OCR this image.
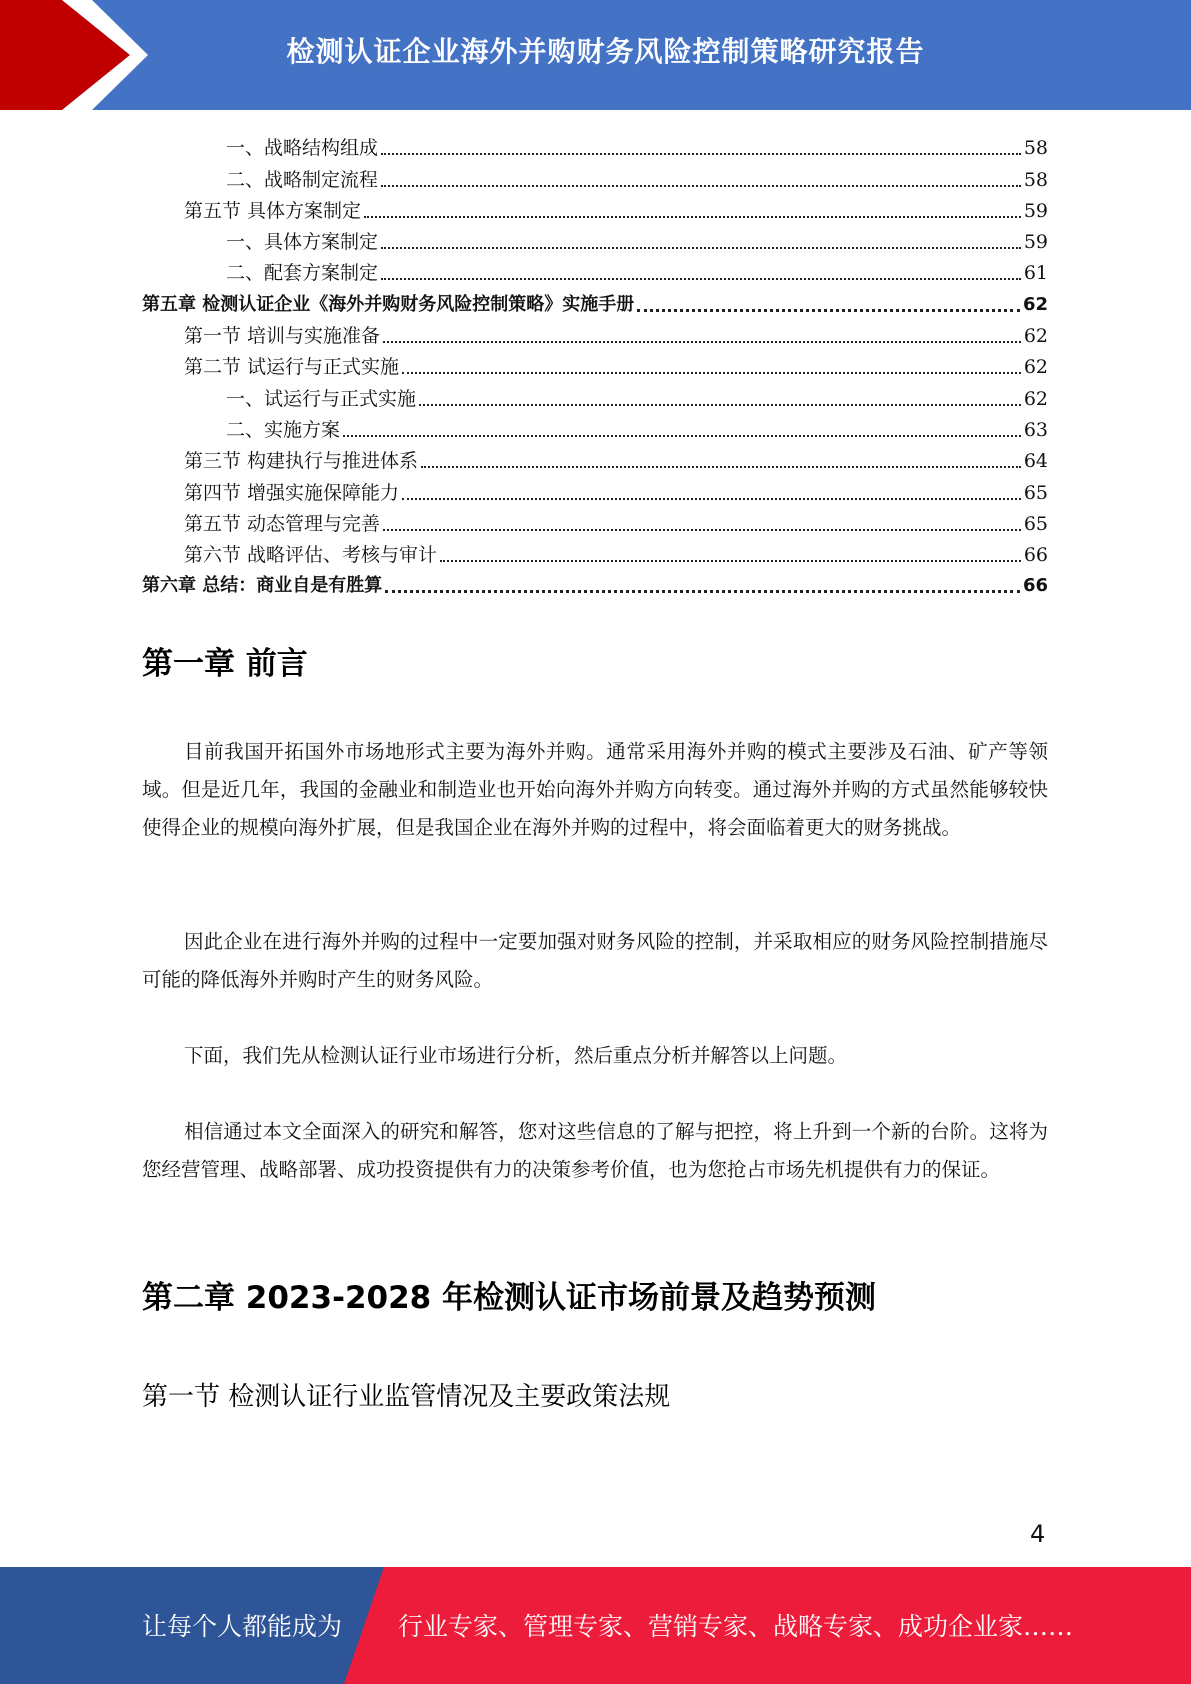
检测认证企业海外并购财务风险控制策略研究报告
一、战略结构组成	58
二、战略制定流程	58
第五节 具体方案制定	59
一、具体方案制定	59
二、配套方案制定	61
第五章 检测认证企业《海外并购财务风险控制策略》实施手册	62
第一节 培训与实施准备	62
第二节 试运行与正式实施	62
一、试运行与正式实施	62
二、实施方案	63
第三节 构建执行与推进体系	64
第四节 增强实施保障能力	65
第五节 动态管理与完善	65
第六节 战略评估、考核与审计	66
第六章 总结：商业自是有胜算	66
第一章 前言
目前我国开拓国外市场地形式主要为海外并购。通常采用海外并购的模式主要涉及石油、矿产等领域。但是近几年，我国的金融业和制造业也开始向海外并购方向转变。通过海外并购的方式虽然能够较快使得企业的规模向海外扩展，但是我国企业在海外并购的过程中，将会面临着更大的财务挑战。
因此企业在进行海外并购的过程中一定要加强对财务风险的控制，并采取相应的财务风险控制措施尽可能的降低海外并购时产生的财务风险。
下面，我们先从检测认证行业市场进行分析，然后重点分析并解答以上问题。
相信通过本文全面深入的研究和解答，您对这些信息的了解与把控，将上升到一个新的台阶。这将为您经营管理、战略部署、成功投资提供有力的决策参考价值，也为您抢占市场先机提供有力的保证。
第二章 2023-2028 年检测认证市场前景及趋势预测
第一节 检测认证行业监管情况及主要政策法规
4
让每个人都能成为 行业专家、管理专家、营销专家、战略专家、成功企业家……
